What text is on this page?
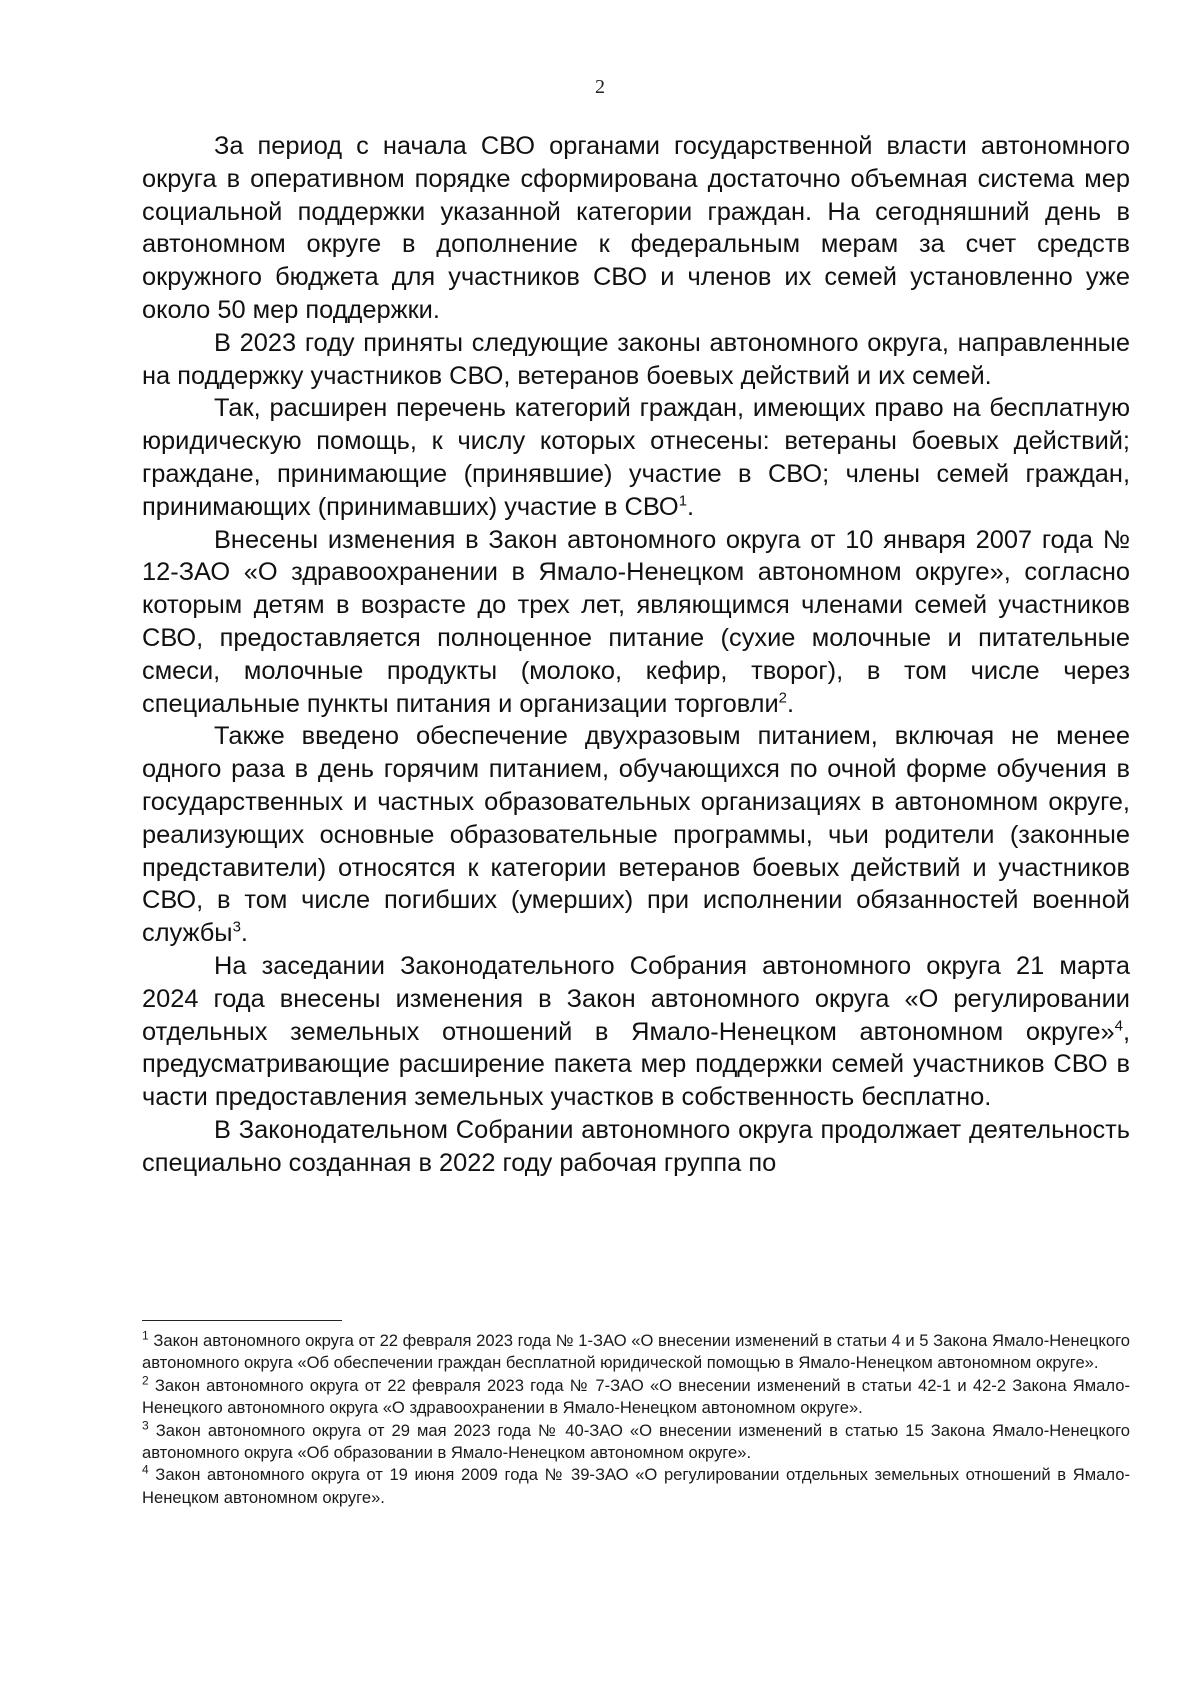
2

За период с начала СВО органами государственной власти автономного округа в оперативном порядке сформирована достаточно объемная система мер социальной поддержки указанной категории граждан. На сегодняшний день в автономном округе в дополнение к федеральным мерам за счет средств окружного бюджета для участников СВО и членов их семей установленно уже около 50 мер поддержки.

В 2023 году приняты следующие законы автономного округа, направленные на поддержку участников СВО, ветеранов боевых действий и их семей.

Так, расширен перечень категорий граждан, имеющих право на бесплатную юридическую помощь, к числу которых отнесены: ветераны боевых действий; граждане, принимающие (принявшие) участие в СВО; члены семей граждан, принимающих (принимавших) участие в СВО$^1$.

Внесены изменения в Закон автономного округа от 10 января 2007 года № 12-ЗАО «О здравоохранении в Ямало-Ненецком автономном округе», согласно которым детям в возрасте до трех лет, являющимся членами семей участников СВО, предоставляется полноценное питание (сухие молочные и питательные смеси, молочные продукты (молоко, кефир, творог), в том числе через специальные пункты питания и организации торговли$^2$.

Также введено обеспечение двухразовым питанием, включая не менее одного раза в день горячим питанием, обучающихся по очной форме обучения в государственных и частных образовательных организациях в автономном округе, реализующих основные образовательные программы, чьи родители (законные представители) относятся к категории ветеранов боевых действий и участников СВО, в том числе погибших (умерших) при исполнении обязанностей военной службы$^3$.

На заседании Законодательного Собрания автономного округа 21 марта 2024 года внесены изменения в Закон автономного округа «О регулировании отдельных земельных отношений в Ямало-Ненецком автономном округе»$^4$, предусматривающие расширение пакета мер поддержки семей участников СВО в части предоставления земельных участков в собственность бесплатно.

В Законодательном Собрании автономного округа продолжает деятельность специально созданная в 2022 году рабочая группа по

$^1$ Закон автономного округа от 22 февраля 2023 года № 1-ЗАО «О внесении изменений в статьи 4 и 5 Закона Ямало-Ненецкого автономного округа «Об обеспечении граждан бесплатной юридической помощью в Ямало-Ненецком автономном округе».

$^2$ Закон автономного округа от 22 февраля 2023 года № 7-ЗАО «О внесении изменений в статьи 42-1 и 42-2 Закона Ямало-Ненецкого автономного округа «О здравоохранении в Ямало-Ненецком автономном округе».

$^3$ Закон автономного округа от 29 мая 2023 года № 40-ЗАО «О внесении изменений в статью 15 Закона Ямало-Ненецкого автономного округа «Об образовании в Ямало-Ненецком автономном округе».

$^4$ Закон автономного округа от 19 июня 2009 года № 39-ЗАО «О регулировании отдельных земельных отношений в Ямало-Ненецком автономном округе».
